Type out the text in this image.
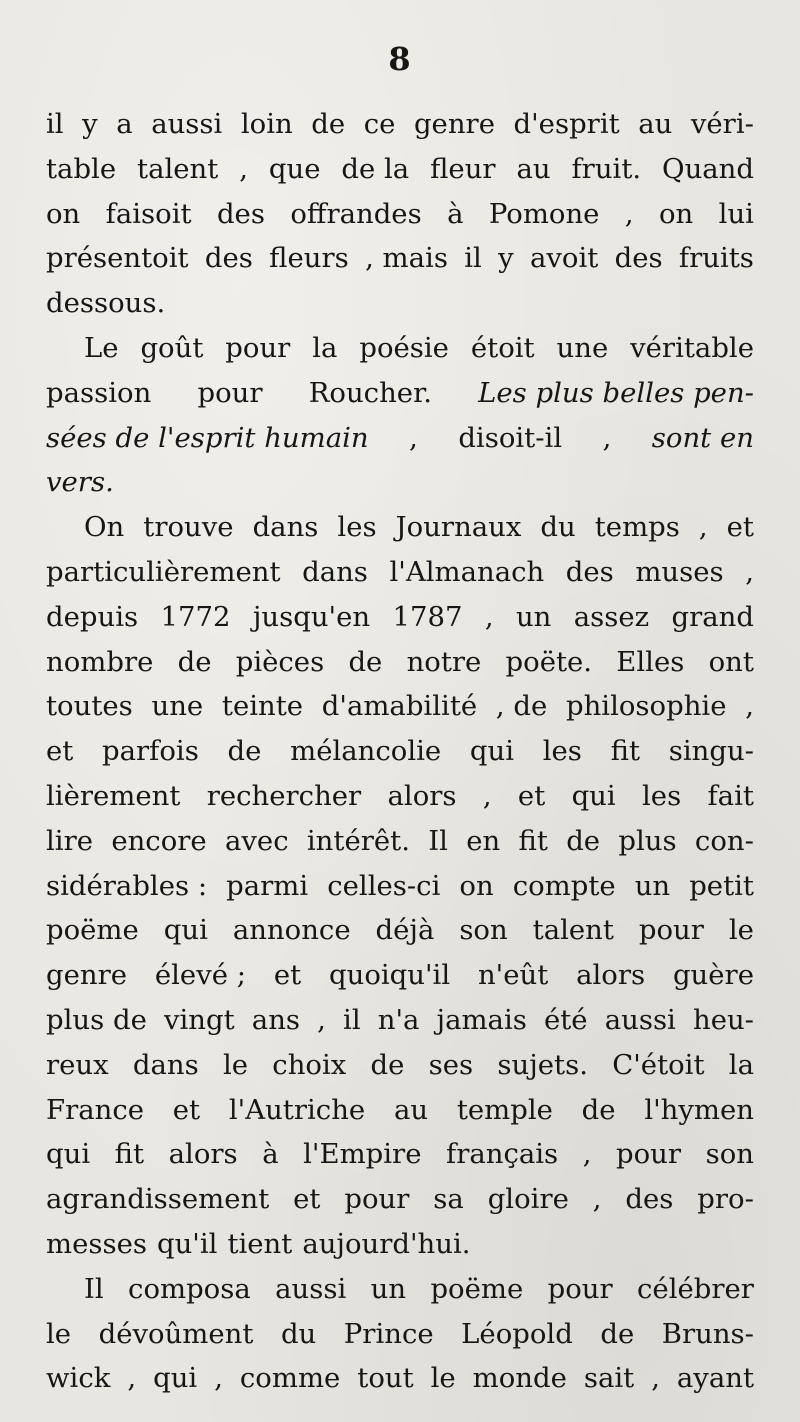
8
il y a aussi loin de ce genre d'esprit au véri-
table talent , que de la fleur au fruit. Quand
on faisoit des offrandes à Pomone , on lui
présentoit des fleurs , mais il y avoit des fruits
dessous.
Le goût pour la poésie étoit une véritable
passion pour Roucher. Les plus belles pen-
sées de l'esprit humain , disoit-il , sont en
vers.
On trouve dans les Journaux du temps , et
particulièrement dans l'Almanach des muses ,
depuis 1772 jusqu'en 1787 , un assez grand
nombre de pièces de notre poëte. Elles ont
toutes une teinte d'amabilité , de philosophie ,
et parfois de mélancolie qui les fit singu-
lièrement rechercher alors , et qui les fait
lire encore avec intérêt. Il en fit de plus con-
sidérables : parmi celles-ci on compte un petit
poëme qui annonce déjà son talent pour le
genre élevé ; et quoiqu'il n'eût alors guère
plus de vingt ans , il n'a jamais été aussi heu-
reux dans le choix de ses sujets. C'étoit la
France et l'Autriche au temple de l'hymen
qui fit alors à l'Empire français , pour son
agrandissement et pour sa gloire , des pro-
messes qu'il tient aujourd'hui.
Il composa aussi un poëme pour célébrer
le dévoûment du Prince Léopold de Bruns-
wick , qui , comme tout le monde sait , ayant
